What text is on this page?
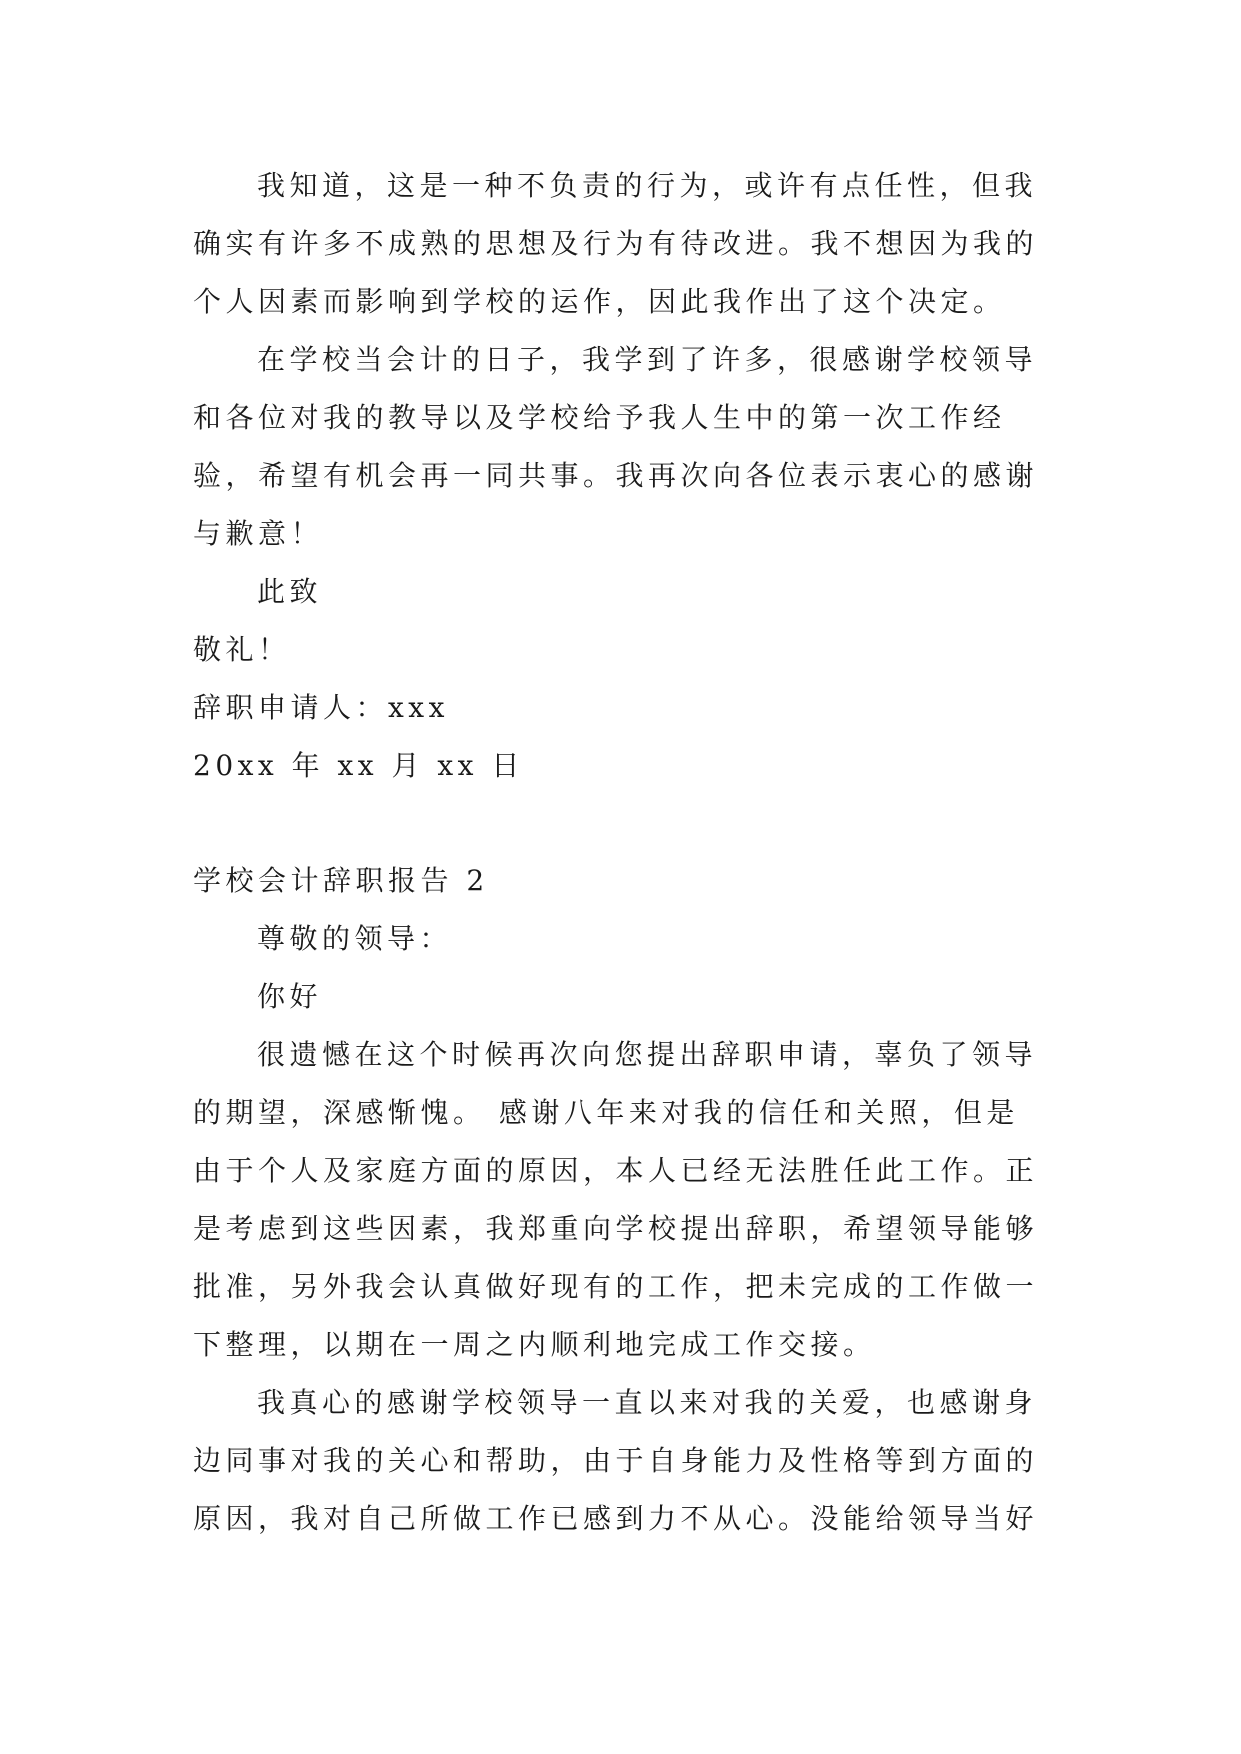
我知道，这是一种不负责的行为，或许有点任性，但我
确实有许多不成熟的思想及行为有待改进。我不想因为我的
个人因素而影响到学校的运作，因此我作出了这个决定。
在学校当会计的日子，我学到了许多，很感谢学校领导
和各位对我的教导以及学校给予我人生中的第一次工作经
验，希望有机会再一同共事。我再次向各位表示衷心的感谢
与歉意！
此致
敬礼！
辞职申请人：xxx
20xx 年 xx 月 xx 日
学校会计辞职报告 2
尊敬的领导：
你好
很遗憾在这个时候再次向您提出辞职申请，辜负了领导
的期望，深感惭愧。 感谢八年来对我的信任和关照，但是
由于个人及家庭方面的原因，本人已经无法胜任此工作。正
是考虑到这些因素，我郑重向学校提出辞职，希望领导能够
批准，另外我会认真做好现有的工作，把未完成的工作做一
下整理，以期在一周之内顺利地完成工作交接。
我真心的感谢学校领导一直以来对我的关爱，也感谢身
边同事对我的关心和帮助，由于自身能力及性格等到方面的
原因，我对自己所做工作已感到力不从心。没能给领导当好
